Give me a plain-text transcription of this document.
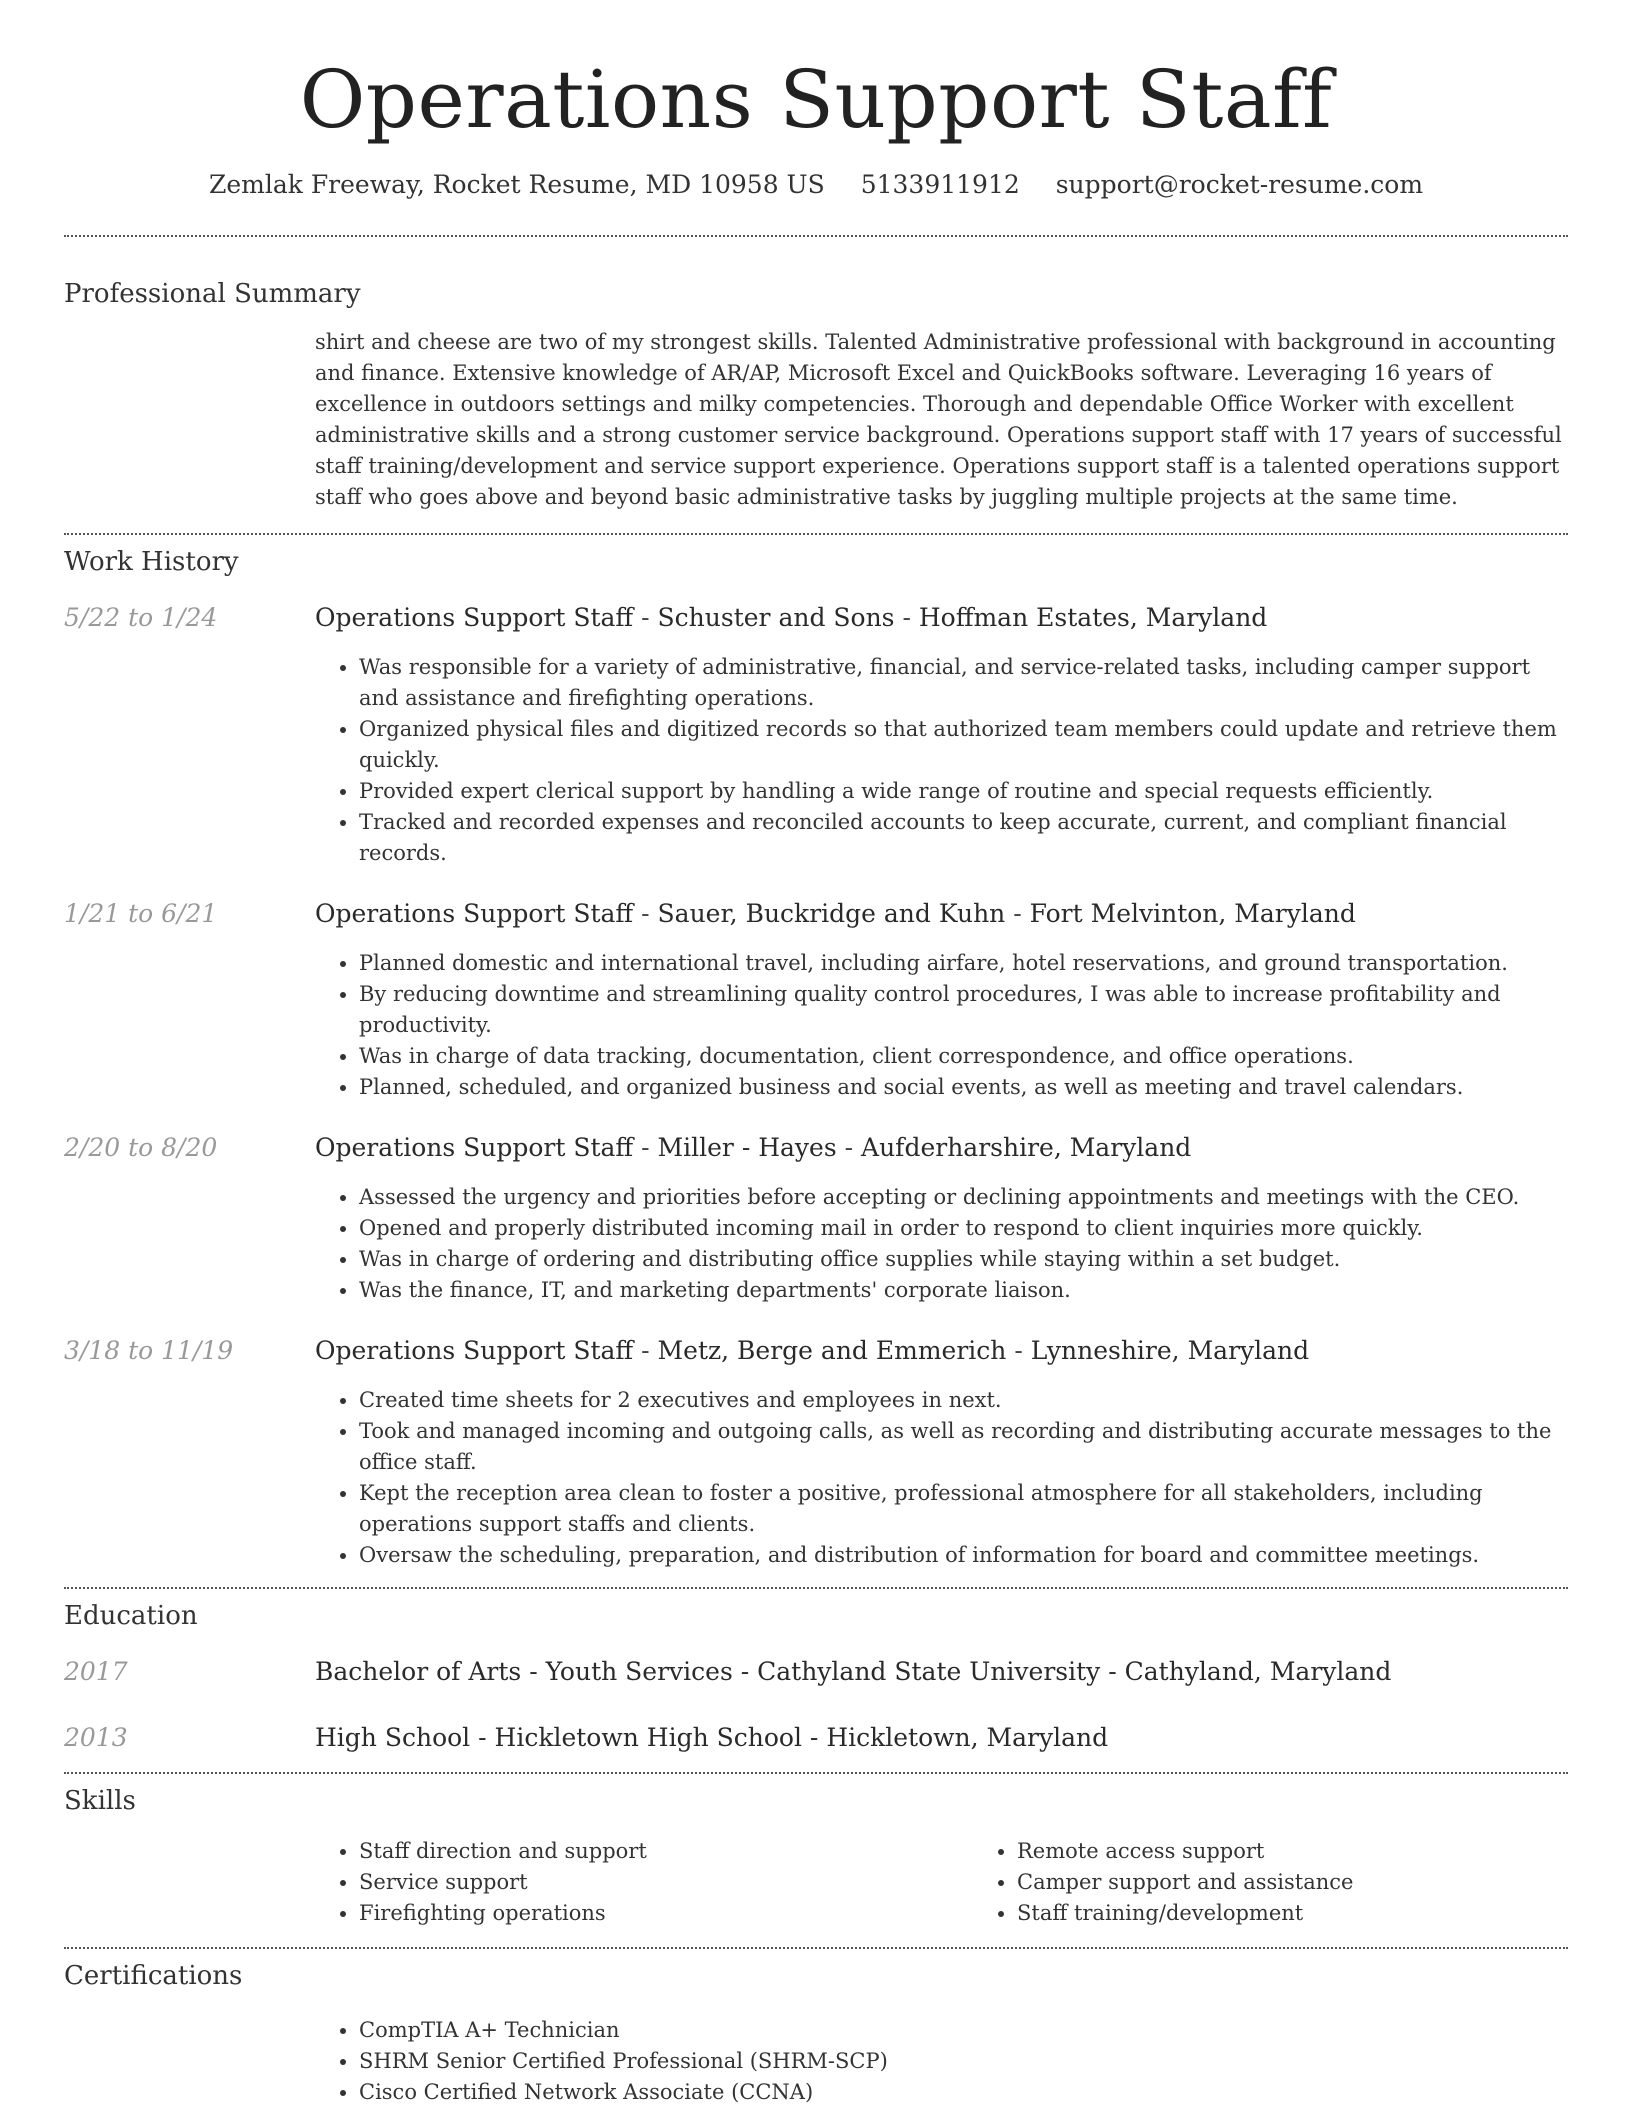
Operations Support Staff
Zemlak Freeway, Rocket Resume, MD 10958 US 5133911912 support@rocket-resume.com
Professional Summary

shirt and cheese are two of my strongest skills. Talented Administrative professional with background in accounting and finance. Extensive knowledge of AR/AP, Microsoft Excel and QuickBooks software. Leveraging 16 years of excellence in outdoors settings and milky competencies. Thorough and dependable Office Worker with excellent administrative skills and a strong customer service background. Operations support staff with 17 years of successful staff training/development and service support experience. Operations support staff is a talented operations support staff who goes above and beyond basic administrative tasks by juggling multiple projects at the same time.

Work History
5/22 to 1/24	Operations Support Staff - Schuster and Sons - Hoffman Estates, Maryland
• Was responsible for a variety of administrative, financial, and service-related tasks, including camper support and assistance and firefighting operations.
• Organized physical files and digitized records so that authorized team members could update and retrieve them quickly.
• Provided expert clerical support by handling a wide range of routine and special requests efficiently.
• Tracked and recorded expenses and reconciled accounts to keep accurate, current, and compliant financial records.
1/21 to 6/21	Operations Support Staff - Sauer, Buckridge and Kuhn - Fort Melvinton, Maryland
• Planned domestic and international travel, including airfare, hotel reservations, and ground transportation.
• By reducing downtime and streamlining quality control procedures, I was able to increase profitability and productivity.
• Was in charge of data tracking, documentation, client correspondence, and office operations.
• Planned, scheduled, and organized business and social events, as well as meeting and travel calendars.
2/20 to 8/20	Operations Support Staff - Miller - Hayes - Aufderharshire, Maryland
• Assessed the urgency and priorities before accepting or declining appointments and meetings with the CEO.
• Opened and properly distributed incoming mail in order to respond to client inquiries more quickly.
• Was in charge of ordering and distributing office supplies while staying within a set budget.
• Was the finance, IT, and marketing departments' corporate liaison.
3/18 to 11/19	Operations Support Staff - Metz, Berge and Emmerich - Lynneshire, Maryland
• Created time sheets for 2 executives and employees in next.
• Took and managed incoming and outgoing calls, as well as recording and distributing accurate messages to the office staff.
• Kept the reception area clean to foster a positive, professional atmosphere for all stakeholders, including operations support staffs and clients.
• Oversaw the scheduling, preparation, and distribution of information for board and committee meetings.
Education
2017	Bachelor of Arts - Youth Services - Cathyland State University - Cathyland, Maryland
2013	High School - Hickletown High School - Hickletown, Maryland
Skills
• Staff direction and support
• Service support
• Firefighting operations
• Remote access support
• Camper support and assistance
• Staff training/development
Certifications
• CompTIA A+ Technician
• SHRM Senior Certified Professional (SHRM-SCP)
• Cisco Certified Network Associate (CCNA)
